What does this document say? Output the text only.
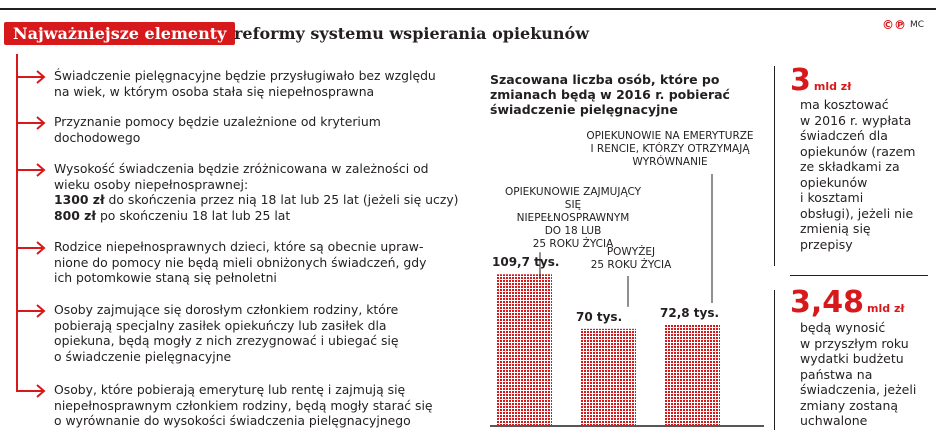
Najważniejsze elementy reformy systemu wspierania opiekunów	©℗ MC
Świadczenie pielęgnacyjne będzie przysługiwało bez względu
na wiek, w którym osoba stała się niepełnosprawna
Przyznanie pomocy będzie uzależnione od kryterium
dochodowego
Wysokość świadczenia będzie zróżnicowana w zależności od
wieku osoby niepełnosprawnej:
1300 zł do skończenia przez nią 18 lat lub 25 lat (jeżeli się uczy)
800 zł po skończeniu 18 lat lub 25 lat
Rodzice niepełnosprawnych dzieci, które są obecnie upraw-
nione do pomocy nie będą mieli obniżonych świadczeń, gdy
ich potomkowie staną się pełnoletni
Osoby zajmujące się dorosłym członkiem rodziny, które
pobierają specjalny zasiłek opiekuńczy lub zasiłek dla
opiekuna, będą mogły z nich zrezygnować i ubiegać się
o świadczenie pielęgnacyjne
Osoby, które pobierają emeryturę lub rentę i zajmują się
niepełnosprawnym członkiem rodziny, będą mogły starać się
o wyrównanie do wysokości świadczenia pielęgnacyjnego
Szacowana liczba osób, które po zmianach będą w 2016 r. pobierać świadczenie pielęgnacyjne
OPIEKUNOWIE ZAJMUJĄCY SIĘ
NIEPEŁNOSPRAWNYM
DO 18 LUB
25 ROKU ŻYCIA
POWYŻEJ
25 ROKU ŻYCIA
OPIEKUNOWIE NA EMERYTURZE
I RENCIE, KTÓRZY OTRZYMAJĄ
WYRÓWNANIE
109,7 tys.
70 tys.	72,8 tys.
3 mld zł
ma kosztować
w 2016 r. wypłata
świadczeń dla
opiekunów (razem
ze składkami za
opiekunów
i kosztami
obsługi), jeżeli nie
zmienią się
przepisy
3,48 mld zł
będą wynosić
w przyszłym roku
wydatki budżetu
państwa na
świadczenia, jeżeli
zmiany zostaną
uchwalone
